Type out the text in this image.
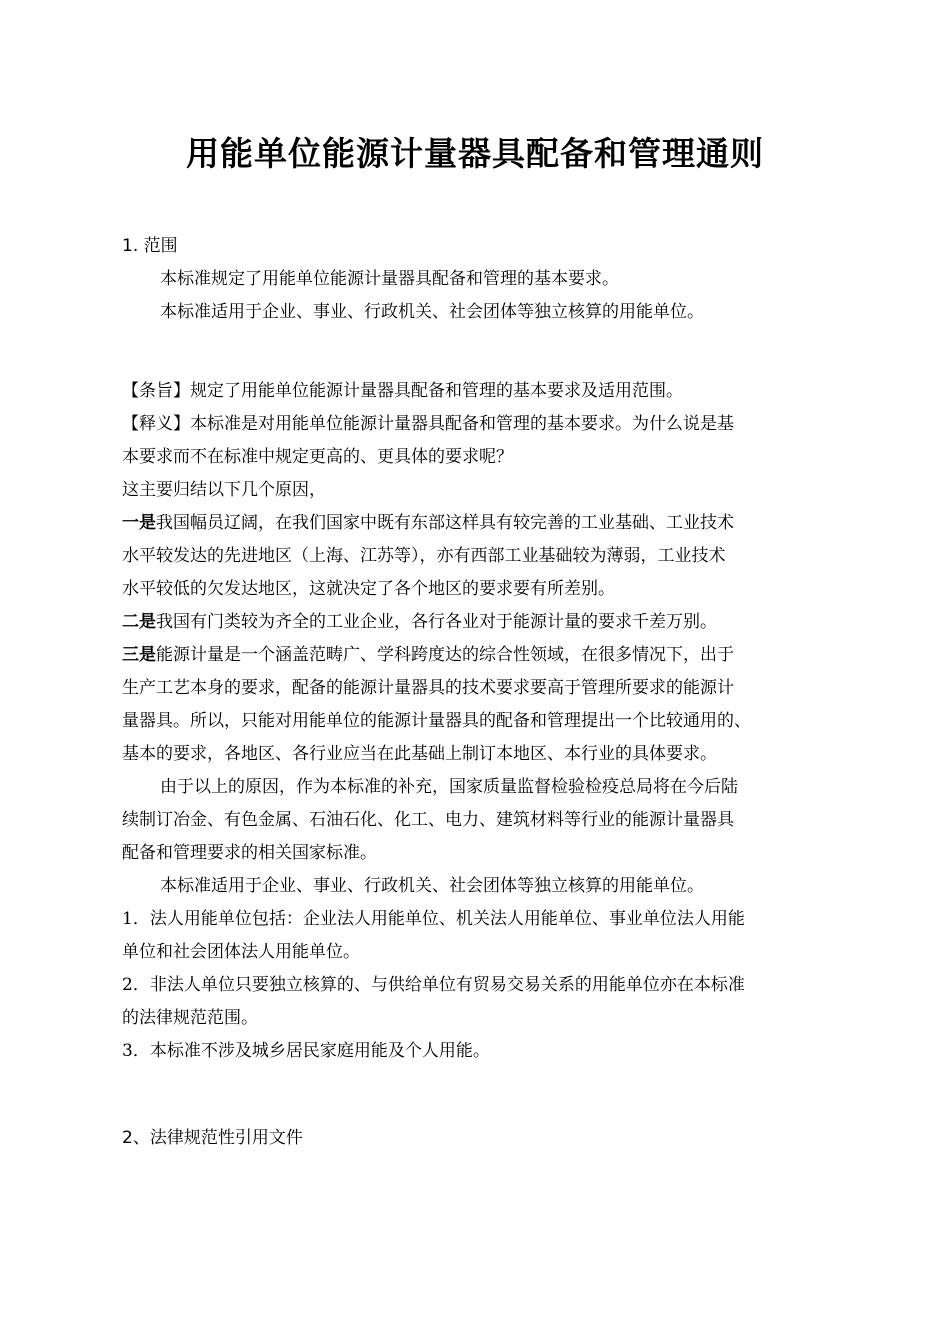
用能单位能源计量器具配备和管理通则

1. 范围

本标准规定了用能单位能源计量器具配备和管理的基本要求。

本标准适用于企业、事业、行政机关、社会团体等独立核算的用能单位。

【条旨】规定了用能单位能源计量器具配备和管理的基本要求及适用范围。

【释义】本标准是对用能单位能源计量器具配备和管理的基本要求。为什么说是基

本要求而不在标准中规定更高的、更具体的要求呢？

这主要归结以下几个原因，

一是我国幅员辽阔，在我们国家中既有东部这样具有较完善的工业基础、工业技术

水平较发达的先进地区（上海、江苏等），亦有西部工业基础较为薄弱，工业技术

水平较低的欠发达地区，这就决定了各个地区的要求要有所差别。

二是我国有门类较为齐全的工业企业，各行各业对于能源计量的要求千差万别。

三是能源计量是一个涵盖范畴广、学科跨度达的综合性领域，在很多情况下，出于

生产工艺本身的要求，配备的能源计量器具的技术要求要高于管理所要求的能源计

量器具。所以，只能对用能单位的能源计量器具的配备和管理提出一个比较通用的、

基本的要求，各地区、各行业应当在此基础上制订本地区、本行业的具体要求。

由于以上的原因，作为本标准的补充，国家质量监督检验检疫总局将在今后陆

续制订冶金、有色金属、石油石化、化工、电力、建筑材料等行业的能源计量器具

配备和管理要求的相关国家标准。

本标准适用于企业、事业、行政机关、社会团体等独立核算的用能单位。

1．法人用能单位包括：企业法人用能单位、机关法人用能单位、事业单位法人用能

单位和社会团体法人用能单位。

2．非法人单位只要独立核算的、与供给单位有贸易交易关系的用能单位亦在本标准

的法律规范范围。

3．本标准不涉及城乡居民家庭用能及个人用能。

2、法律规范性引用文件
